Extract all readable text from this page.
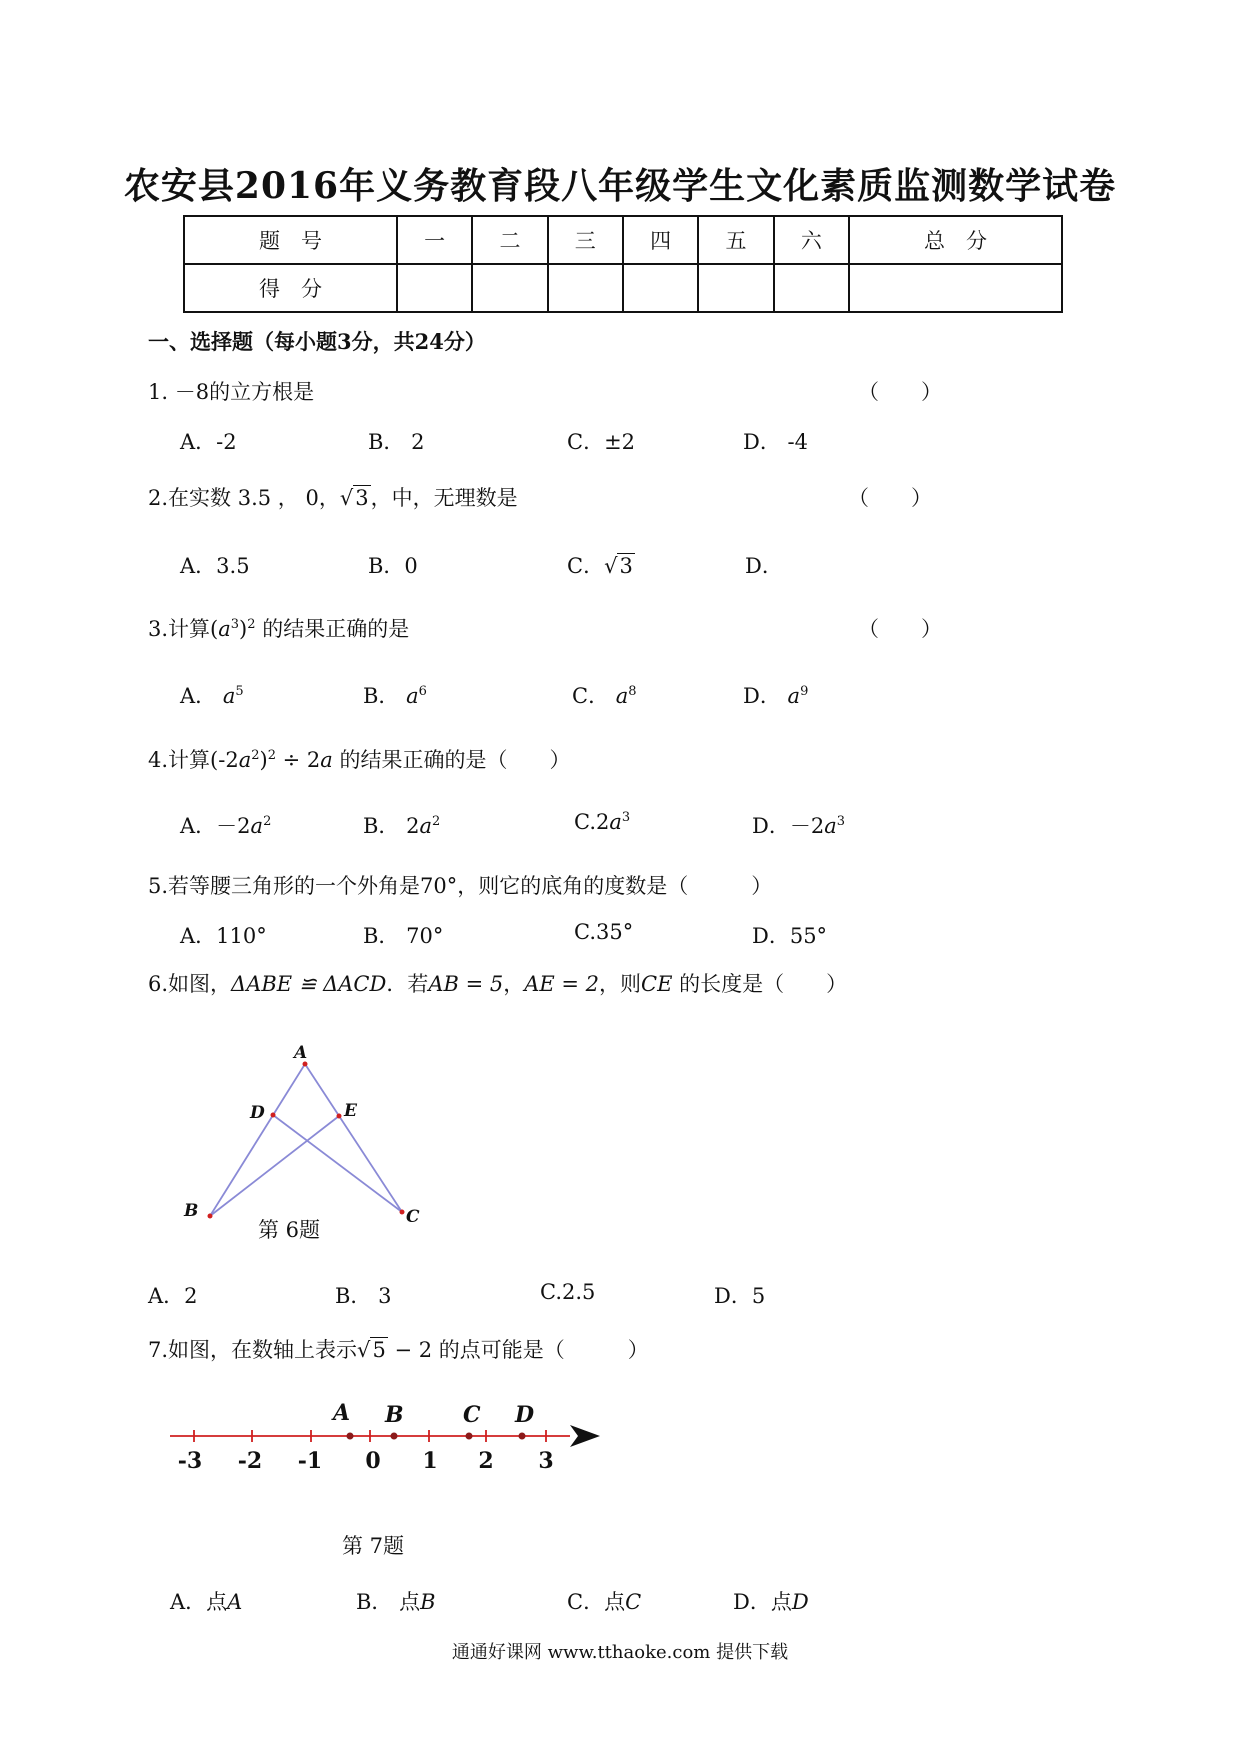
农安县2016年义务教育段八年级学生文化素质监测数学试卷
题　号	一	二	三	四	五	六	总　分
得　分							
一、选择题（每小题3分，共24分）
1. －8的立方根是	（　　）
A．-2	B． 2	C．±2	D． -4
2.在实数 3.5 ， 0，√3，中，无理数是	（　　）
A．3.5	B．0	C．√3	D．
3.计算$(a^3)^2$ 的结果正确的是	（　　）
A． $a^5$	B． $a^6$	C． $a^8$	D． $a^9$
4.计算$(-2a^2)^2 \div 2a$ 的结果正确的是（　　）
A．$-2a^2$	B． $2a^2$	$C.2a^3$	D．$-2a^3$
5.若等腰三角形的一个外角是70°，则它的底角的度数是（　　　）
A．110°	B． 70°	C.35°	D．55°
6.如图，ΔABE ≌ ΔACD．若AB = 5，AE = 2，则CE 的长度是（　　）
A
D	E
B	C
第 6题
A．2	B． 3	C.2.5	D．5
7.如图，在数轴上表示√5 − 2 的点可能是（　　　）
A B	C D
-3 -2 -1 0 1 2 3
第 7题
A．点A	B． 点B	C．点C	D．点D
通通好课网 www.tthaoke.com 提供下载
